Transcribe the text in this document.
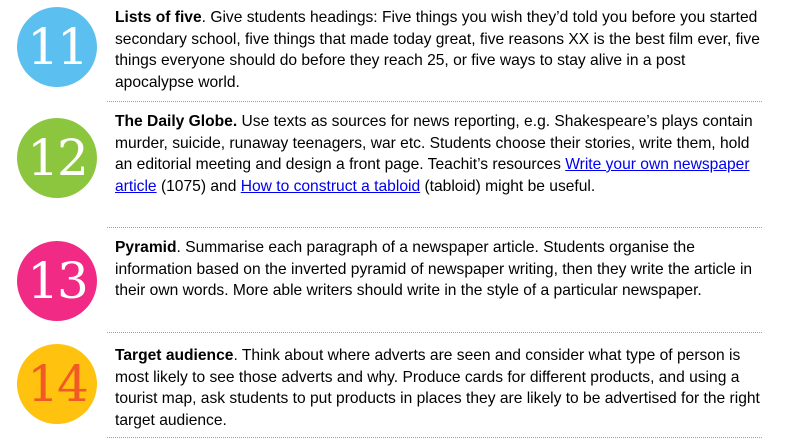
11

Lists of five. Give students headings: Five things you wish they’d told you before you started secondary school, five things that made today great, five reasons XX is the best film ever, five things everyone should do before they reach 25, or five ways to stay alive in a post apocalypse world.

12

The Daily Globe. Use texts as sources for news reporting, e.g. Shakespeare’s plays contain murder, suicide, runaway teenagers, war etc. Students choose their stories, write them, hold an editorial meeting and design a front page. Teachit’s resources Write your own newspaper article (1075) and How to construct a tabloid (tabloid) might be useful.

13

Pyramid. Summarise each paragraph of a newspaper article. Students organise the information based on the inverted pyramid of newspaper writing, then they write the article in their own words. More able writers should write in the style of a particular newspaper.

14 Target audience. Think about where adverts are seen and consider what type of person is most likely to see those adverts and why. Produce cards for different products, and using a tourist map, ask students to put products in places they are likely to be advertised for the right target audience.
